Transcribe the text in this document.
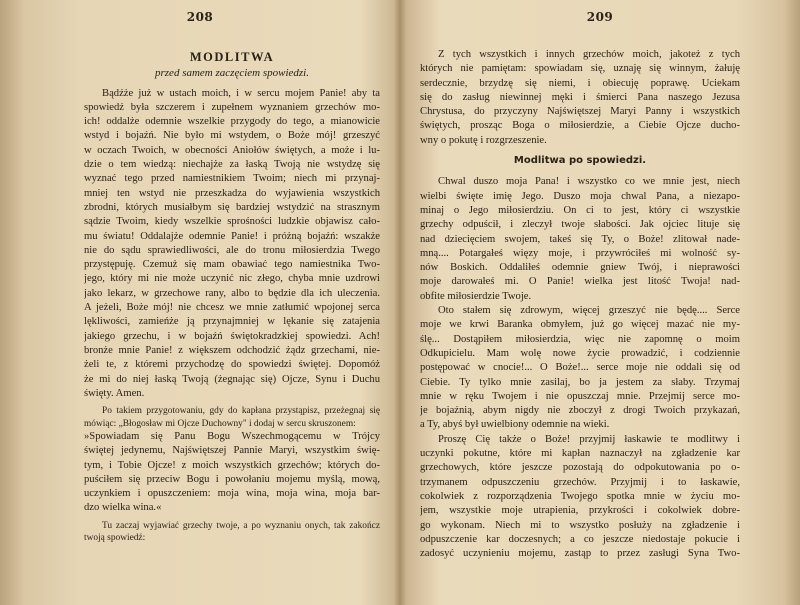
208
MODLITWA
przed samem zaczęciem spowiedzi.
Bądźże już w ustach moich, i w sercu mojem Panie! aby ta
spowiedź była szczerem i zupełnem wyznaniem grzechów mo-
ich! oddalże odemnie wszelkie przygody do tego, a mianowicie
wstyd i bojaźń. Nie było mi wstydem, o Boże mój! grzeszyć
w oczach Twoich, w obecności Aniołów świętych, a może i lu-
dzie o tem wiedzą: niechajże za łaską Twoją nie wstydzę się
wyznać tego przed namiestnikiem Twoim; niech mi przynaj-
mniej ten wstyd nie przeszkadza do wyjawienia wszystkich
zbrodni, których musiałbym się bardziej wstydzić na strasznym
sądzie Twoim, kiedy wszelkie sprośności ludzkie objawisz cało-
mu światu! Oddalajże odemnie Panie! i próżną bojaźń: wszakże
nie do sądu sprawiedliwości, ale do tronu miłosierdzia Twego
przystępuję. Czemuż się mam obawiać tego namiestnika Two-
jego, który mi nie może uczynić nic złego, chyba mnie uzdrowi
jako lekarz, w grzechowe rany, albo to będzie dla ich uleczenia.
A jeżeli, Boże mój! nie chcesz we mnie zatłumić wpojonej serca
lękliwości, zamieńże ją przynajmniej w lękanie się zatajenia
jakiego grzechu, i w bojaźń świętokradzkiej spowiedzi. Ach!
bronże mnie Panie! z większem odchodzić żądz grzechami, nie-
żeli te, z któremi przychodzę do spowiedzi świętej. Dopomóż
że mi do niej łaską Twoją (żegnając się) Ojcze, Synu i Duchu
święty. Amen.
Po takiem przygotowaniu, gdy do kapłana przystąpisz, przeżegnaj się
mówiąc: „Błogosław mi Ojcze Duchowny" i dodaj w sercu skruszonem:
»Spowiadam się Panu Bogu Wszechmogącemu w Trójcy
świętej jedynemu, Najświętszej Pannie Maryi, wszystkim świę-
tym, i Tobie Ojcze! z moich wszystkich grzechów; których do-
puściłem się przeciw Bogu i powołaniu mojemu myślą, mową,
uczynkiem i opuszczeniem: moja wina, moja wina, moja bar-
dzo wielka wina.«
Tu zaczaj wyjawiać grzechy twoje, a po wyznaniu onych, tak zakończ
twoją spowiedź:
209
Z tych wszystkich i innych grzechów moich, jakoteż z tych
których nie pamiętam: spowiadam się, uznaję się winnym, żałuję
serdecznie, brzydzę się niemi, i obiecuję poprawę. Uciekam
się do zasług niewinnej męki i śmierci Pana naszego Jezusa
Chrystusa, do przyczyny Najświętszej Maryi Panny i wszystkich
świętych, prosząc Boga o miłosierdzie, a Ciebie Ojcze ducho-
wny o pokutę i rozgrzeszenie.
Modlitwa po spowiedzi.
Chwal duszo moja Pana! i wszystko co we mnie jest, niech
wielbi święte imię Jego. Duszo moja chwal Pana, a niezapo-
minaj o Jego miłosierdziu. On ci to jest, który ci wszystkie
grzechy odpuścił, i zleczył twoje słabości. Jak ojciec lituje się
nad dziecięciem swojem, takeś się Ty, o Boże! zlitował nade-
mną.... Potargałeś więzy moje, i przywróciłeś mi wolność sy-
nów Boskich. Oddaliłeś odemnie gniew Twój, i nieprawości
moje darowałeś mi. O Panie! wielka jest litość Twoja! nad-
obfite miłosierdzie Twoje.
Oto stałem się zdrowym, więcej grzeszyć nie będę.... Serce
moje we krwi Baranka obmyłem, już go więcej mazać nie my-
ślę... Dostąpiłem miłosierdzia, więc nie zapomnę o moim
Odkupicielu. Mam wolę nowe życie prowadzić, i codziennie
postępować w cnocie!... O Boże!... serce moje nie oddali się od
Ciebie. Ty tylko mnie zasilaj, bo ja jestem za słaby. Trzymaj
mnie w ręku Twojem i nie opuszczaj mnie. Przejmij serce mo-
je bojaźnią, abym nigdy nie zboczył z drogi Twoich przykazań,
a Ty, abyś był uwielbiony odemnie na wieki.
Proszę Cię także o Boże! przyjmij łaskawie te modlitwy i
uczynki pokutne, które mi kapłan naznaczył na zgładzenie kar
grzechowych, które jeszcze pozostają do odpokutowania po o-
trzymanem odpuszczeniu grzechów. Przyjmij i to łaskawie,
cokolwiek z rozporządzenia Twojego spotka mnie w życiu mo-
jem, wszystkie moje utrapienia, przykrości i cokolwiek dobre-
go wykonam. Niech mi to wszystko posłuży na zgładzenie i
odpuszczenie kar doczesnych; a co jeszcze niedostaje pokucie i
zadosyć uczynieniu mojemu, zastąp to przez zasługi Syna Two-
